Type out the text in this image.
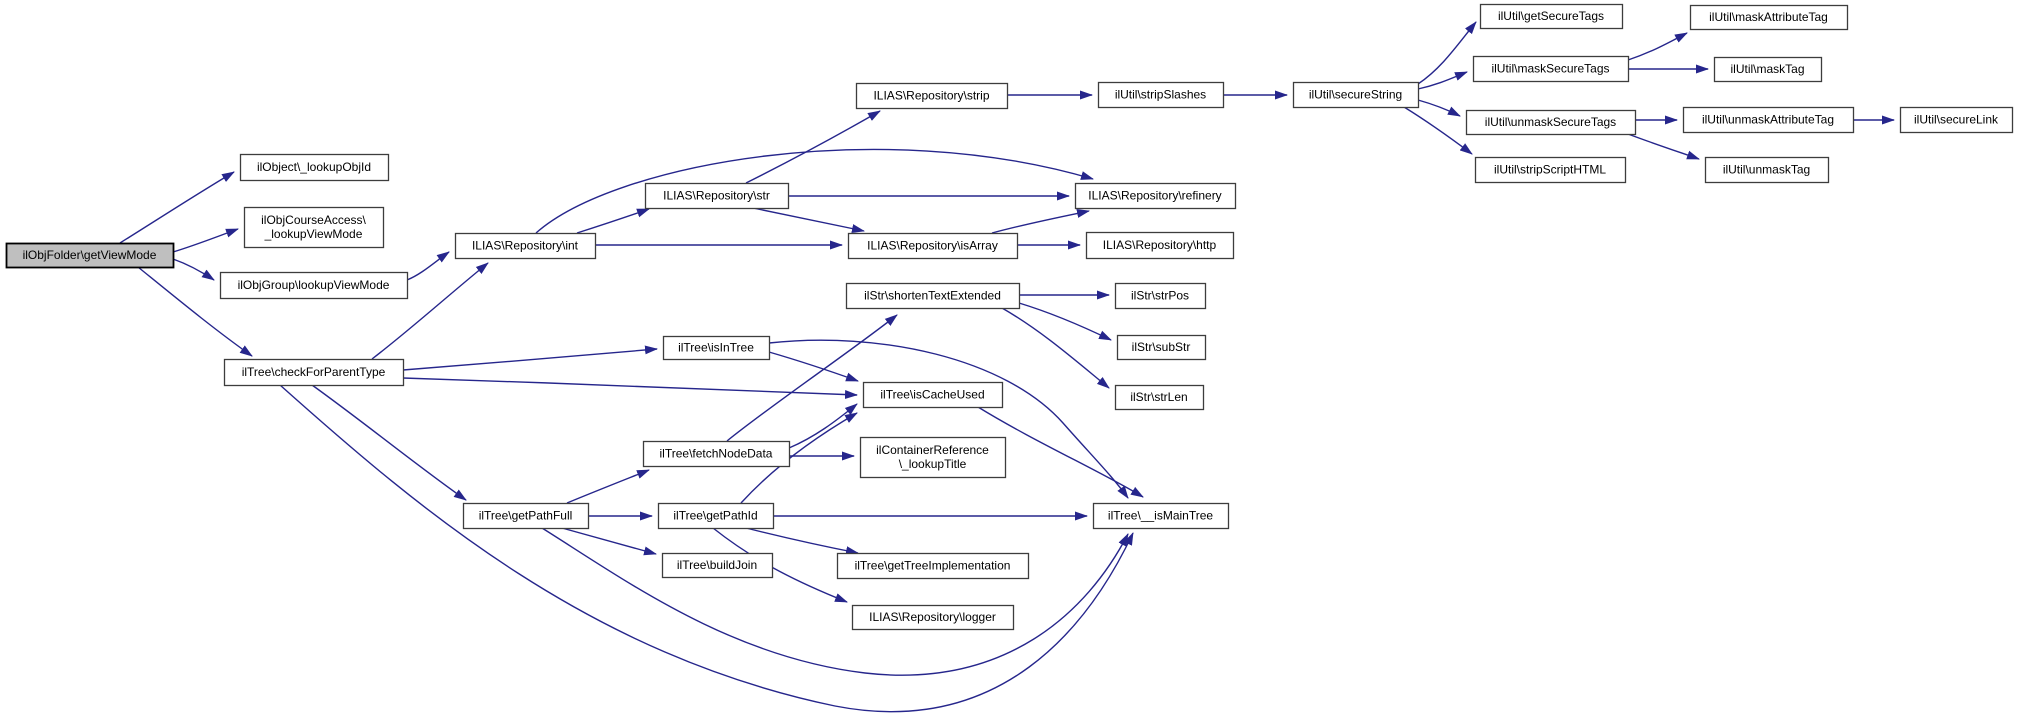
ilObjFolder\getViewMode
ilObject\_lookupObjId
ilObjCourseAccess\
_lookupViewMode
ilObjGroup\lookupViewMode
ilTree\checkForParentType
ILIAS\Repository\int
ILIAS\Repository\str
ILIAS\Repository\strip	ilUtil\stripSlashes	ilUtil\secureString
ilUtil\getSecureTags
ilUtil\maskSecureTags
ilUtil\maskAttributeTag
ilUtil\maskTag
ilUtil\unmaskSecureTags	ilUtil\unmaskAttributeTag	ilUtil\secureLink
ilUtil\stripScriptHTML	ilUtil\unmaskTag
ILIAS\Repository\refinery
ILIAS\Repository\isArray	ILIAS\Repository\http
ilStr\shortenTextExtended	ilStr\strPos
ilStr\subStr
ilStr\strLen
ilTree\isInTree
ilTree\isCacheUsed
ilTree\fetchNodeData	ilContainerReference
\_lookupTitle
ilTree\getPathFull	ilTree\getPathId
ilTree\buildJoin	ilTree\getTreeImplementation
ILIAS\Repository\logger
ilTree\__isMainTree
